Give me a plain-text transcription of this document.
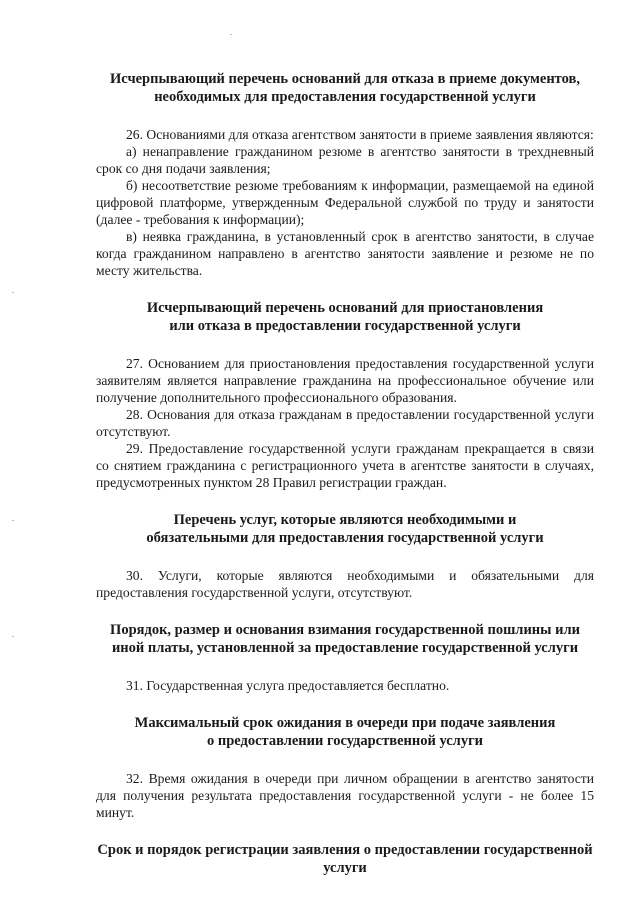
Исчерпывающий перечень оснований для отказа в приеме документов,
необходимых для предоставления государственной услуги

26. Основаниями для отказа агентством занятости в приеме заявления являются:

а) ненаправление гражданином резюме в агентство занятости в трехдневный срок со дня подачи заявления;

б) несоответствие резюме требованиям к информации, размещаемой на единой цифровой платформе, утвержденным Федеральной службой по труду и занятости (далее - требования к информации);

в) неявка гражданина, в установленный срок в агентство занятости, в случае когда гражданином направлено в агентство занятости заявление и резюме не по месту жительства.

Исчерпывающий перечень оснований для приостановления
или отказа в предоставлении государственной услуги

27. Основанием для приостановления предоставления государственной услуги заявителям является направление гражданина на профессиональное обучение или получение дополнительного профессионального образования.

28. Основания для отказа гражданам в предоставлении государственной услуги отсутствуют.

29. Предоставление государственной услуги гражданам прекращается в связи со снятием гражданина с регистрационного учета в агентстве занятости в случаях, предусмотренных пунктом 28 Правил регистрации граждан.

Перечень услуг, которые являются необходимыми и
обязательными для предоставления государственной услуги

30. Услуги, которые являются необходимыми и обязательными для предоставления государственной услуги, отсутствуют.

Порядок, размер и основания взимания государственной пошлины или
иной платы, установленной за предоставление государственной услуги

31. Государственная услуга предоставляется бесплатно.

Максимальный срок ожидания в очереди при подаче заявления
о предоставлении государственной услуги

32. Время ожидания в очереди при личном обращении в агентство занятости для получения результата предоставления государственной услуги - не более 15 минут.

Срок и порядок регистрации заявления о предоставлении государственной
услуги
